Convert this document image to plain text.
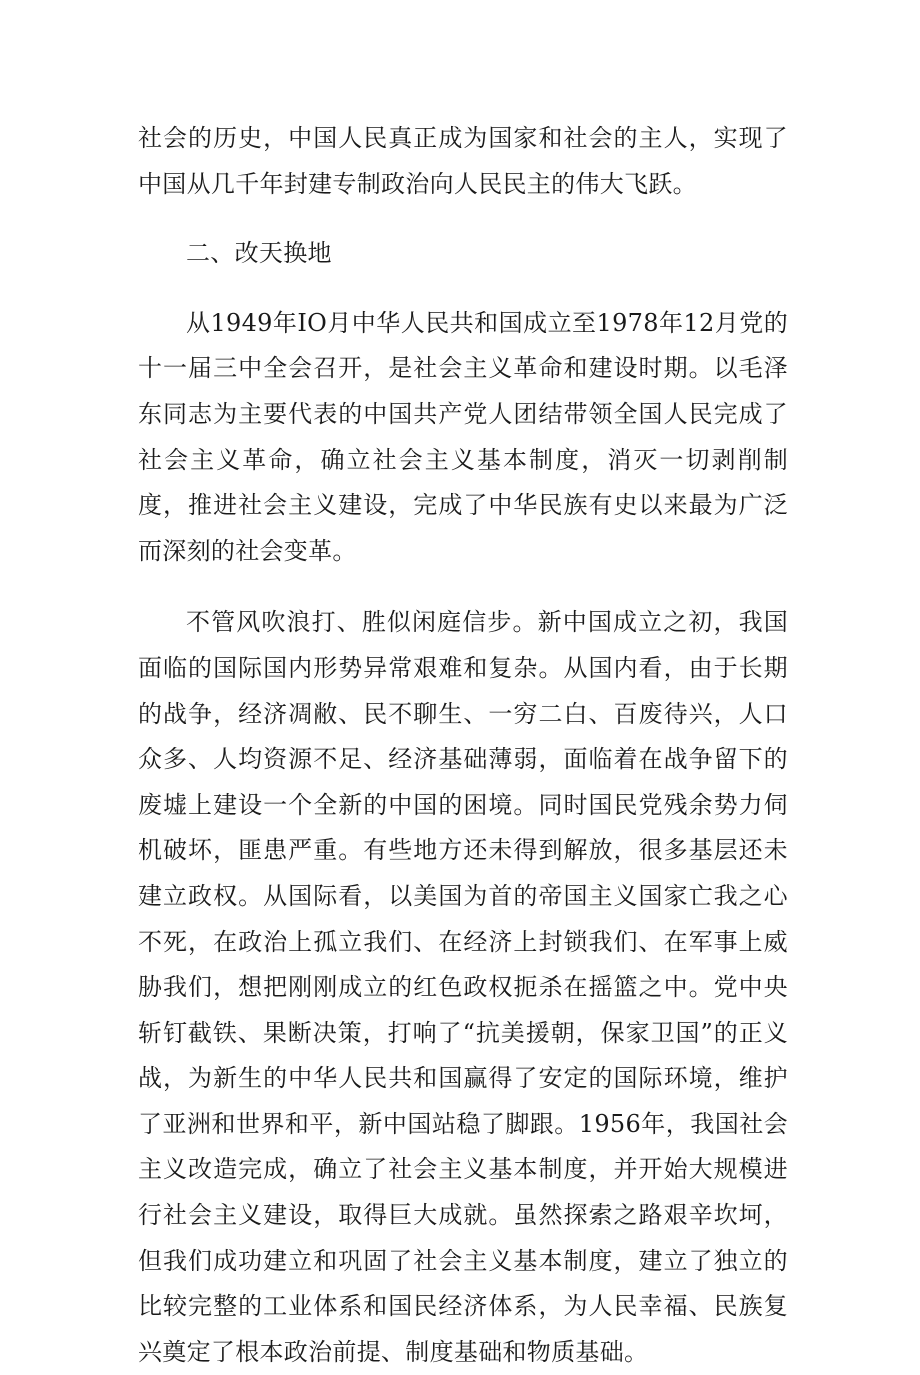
社会的历史，中国人民真正成为国家和社会的主人，实现了中国从几千年封建专制政治向人民民主的伟大飞跃。

二、改天换地

从1949年IO月中华人民共和国成立至1978年12月党的十一届三中全会召开，是社会主义革命和建设时期。以毛泽东同志为主要代表的中国共产党人团结带领全国人民完成了社会主义革命，确立社会主义基本制度，消灭一切剥削制度，推进社会主义建设，完成了中华民族有史以来最为广泛而深刻的社会变革。

不管风吹浪打、胜似闲庭信步。新中国成立之初，我国面临的国际国内形势异常艰难和复杂。从国内看，由于长期的战争，经济凋敝、民不聊生、一穷二白、百废待兴，人口众多、人均资源不足、经济基础薄弱，面临着在战争留下的废墟上建设一个全新的中国的困境。同时国民党残余势力伺机破坏，匪患严重。有些地方还未得到解放，很多基层还未建立政权。从国际看，以美国为首的帝国主义国家亡我之心不死，在政治上孤立我们、在经济上封锁我们、在军事上威胁我们，想把刚刚成立的红色政权扼杀在摇篮之中。党中央斩钉截铁、果断决策，打响了“抗美援朝，保家卫国”的正义战，为新生的中华人民共和国赢得了安定的国际环境，维护了亚洲和世界和平，新中国站稳了脚跟。1956年，我国社会主义改造完成，确立了社会主义基本制度，并开始大规模进行社会主义建设，取得巨大成就。虽然探索之路艰辛坎坷，但我们成功建立和巩固了社会主义基本制度，建立了独立的比较完整的工业体系和国民经济体系，为人民幸福、民族复兴奠定了根本政治前提、制度基础和物质基础。
